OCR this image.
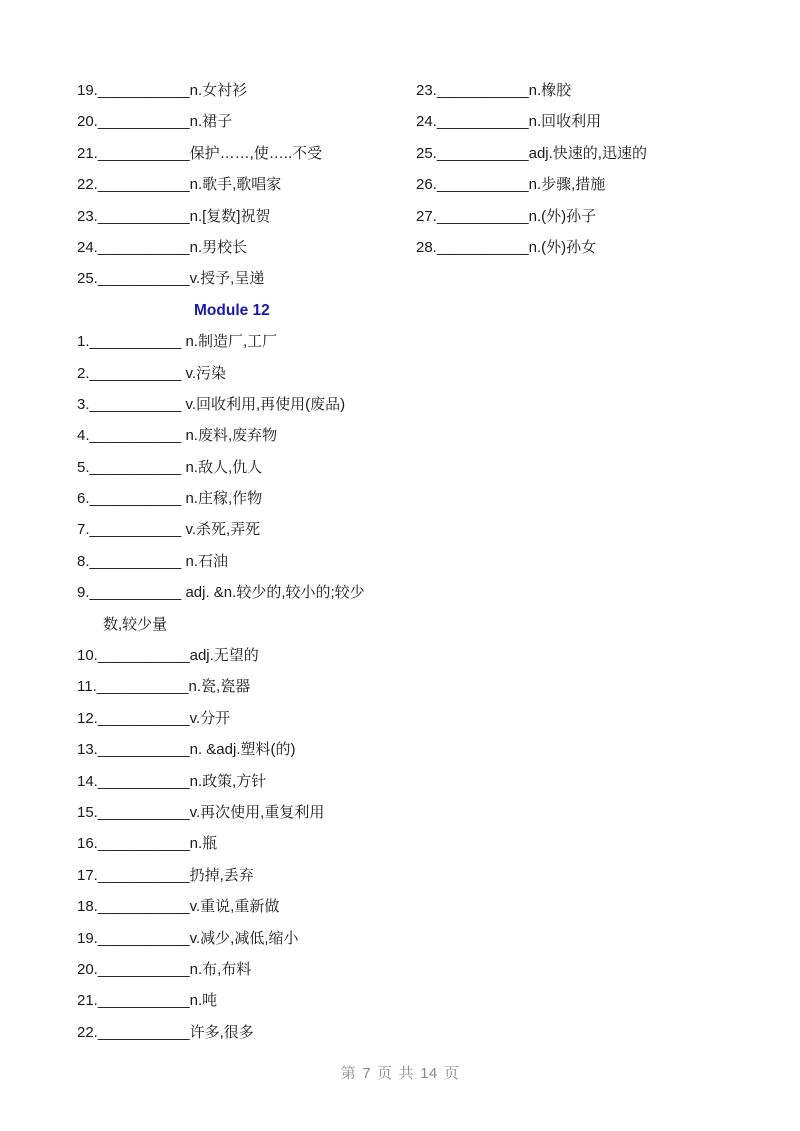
19.___________n.女衬衫
20.___________n.裙子
21.___________保护……,使…..不受
22.___________n.歌手,歌唱家
23.___________n.[复数]祝贺
24.___________n.男校长
25.___________v.授予,呈递
Module 12
1.___________ n.制造厂,工厂
2.___________ v.污染
3.___________ v.回收利用,再使用(废品)
4.___________ n.废料,废弃物
5.___________ n.敌人,仇人
6.___________ n.庄稼,作物
7.___________ v.杀死,弄死
8.___________ n.石油
9.___________ adj. &n.较少的,较小的;较少
数,较少量
10.___________adj.无望的
11.___________n.瓷,瓷器
12.___________v.分开
13.___________n. &adj.塑料(的)
14.___________n.政策,方针
15.___________v.再次使用,重复利用
16.___________n.瓶
17.___________扔掉,丢弃
18.___________v.重说,重新做
19.___________v.减少,减低,缩小
20.___________n.布,布料
21.___________n.吨
22.___________许多,很多
23.___________n.橡胶
24.___________n.回收利用
25.___________adj.快速的,迅速的
26.___________n.步骤,措施
27.___________n.(外)孙子
28.___________n.(外)孙女
第 7 页 共 14 页
